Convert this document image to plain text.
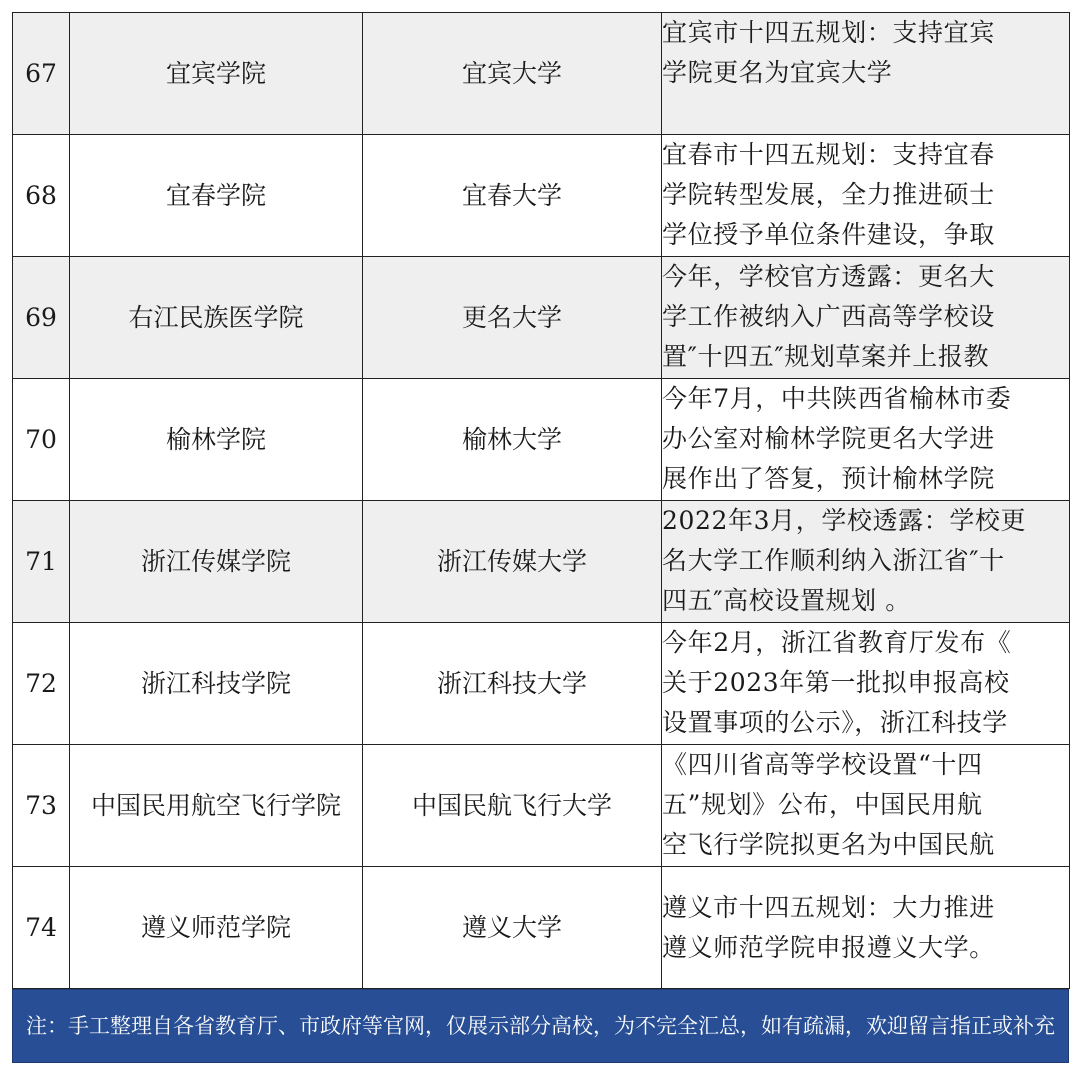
67	宜宾学院	宜宾大学	宜宾市十四五规划：支持宜宾
学院更名为宜宾大学

68	宜春学院	宜春大学	宜春市十四五规划：支持宜春
学院转型发展，全力推进硕士
学位授予单位条件建设，争取

69	右江民族医学院	更名大学	今年，学校官方透露：更名大
学工作被纳入广西高等学校设
置″十四五″规划草案并上报教

70	榆林学院	榆林大学	今年7月，中共陕西省榆林市委
办公室对榆林学院更名大学进
展作出了答复，预计榆林学院

71	浙江传媒学院	浙江传媒大学	2022年3月，学校透露：学校更
名大学工作顺利纳入浙江省″十
四五″高校设置规划 。

72	浙江科技学院	浙江科技大学	今年2月，浙江省教育厅发布《
关于2023年第一批拟申报高校
设置事项的公示》，浙江科技学

73	中国民用航空飞行学院	中国民航飞行大学	《四川省高等学校设置“十四
五”规划》公布，中国民用航
空飞行学院拟更名为中国民航

74	遵义师范学院	遵义大学	遵义市十四五规划：大力推进
遵义师范学院申报遵义大学。
注：手工整理自各省教育厅、市政府等官网，仅展示部分高校，为不完全汇总，如有疏漏，欢迎留言指正或补充
